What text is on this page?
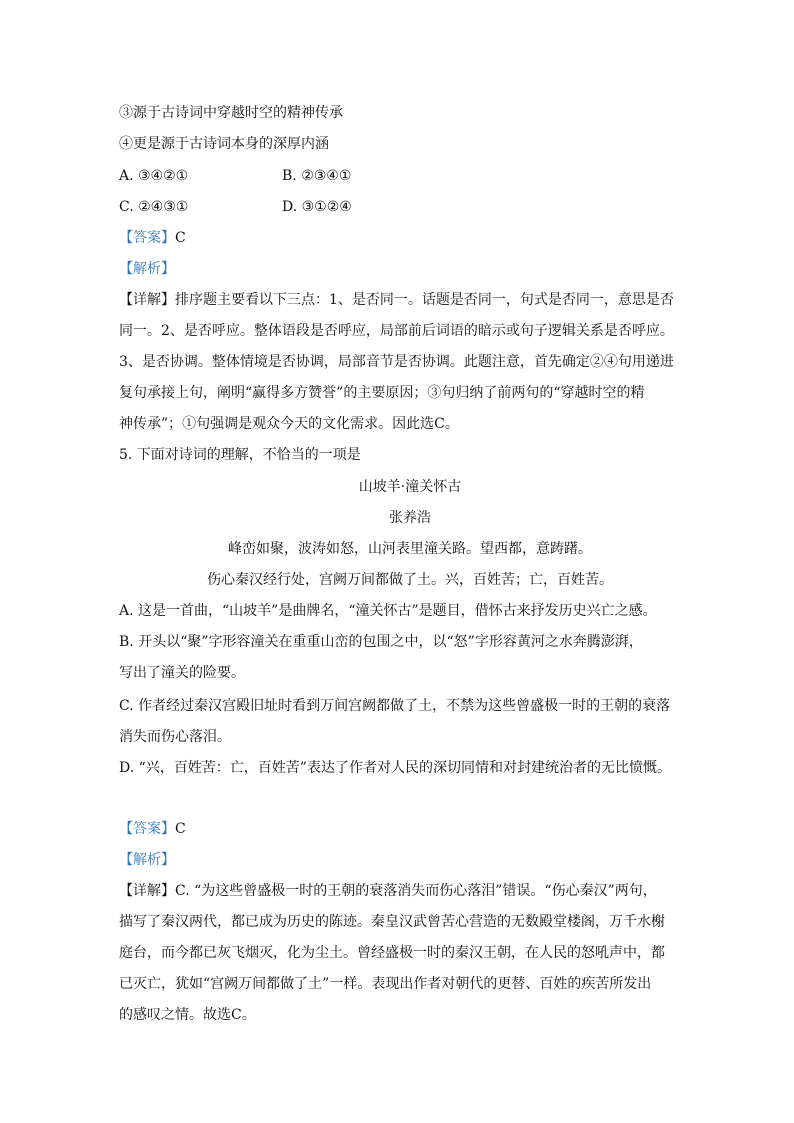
③源于古诗词中穿越时空的精神传承
④更是源于古诗词本身的深厚内涵
A. ③④②①	B. ②③④①
C. ②④③①	D. ③①②④
【答案】C
【解析】
【详解】排序题主要看以下三点：1、是否同一。话题是否同一，句式是否同一，意思是否
同一。2、是否呼应。整体语段是否呼应，局部前后词语的暗示或句子逻辑关系是否呼应。
3、是否协调。整体情境是否协调，局部音节是否协调。此题注意，首先确定②④句用递进
复句承接上句，阐明“赢得多方赞誉”的主要原因；③句归纳了前两句的“穿越时空的精
神传承”；①句强调是观众今天的文化需求。因此选C。
5. 下面对诗词的理解，不恰当的一项是
山坡羊·潼关怀古
张养浩
峰峦如聚，波涛如怒，山河表里潼关路。望西都，意踌躇。
伤心秦汉经行处，宫阙万间都做了土。兴，百姓苦；亡，百姓苦。
A. 这是一首曲，“山坡羊”是曲牌名，“潼关怀古”是题目，借怀古来抒发历史兴亡之感。
B. 开头以“聚”字形容潼关在重重山峦的包围之中，以“怒”字形容黄河之水奔腾澎湃，
写出了潼关的险要。
C. 作者经过秦汉宫殿旧址时看到万间宫阙都做了土，不禁为这些曾盛极一时的王朝的衰落
消失而伤心落泪。
D. “兴，百姓苦：亡，百姓苦”表达了作者对人民的深切同情和对封建统治者的无比愤慨。
【答案】C
【解析】
【详解】C. “为这些曾盛极一时的王朝的衰落消失而伤心落泪”错误。“伤心秦汉”两句，
描写了秦汉两代，都已成为历史的陈迹。秦皇汉武曾苦心营造的无数殿堂楼阁，万千水榭
庭台，而今都已灰飞烟灭，化为尘土。曾经盛极一时的秦汉王朝，在人民的怒吼声中，都
已灭亡，犹如“宫阙万间都做了土”一样。表现出作者对朝代的更替、百姓的疾苦所发出
的感叹之情。故选C。
